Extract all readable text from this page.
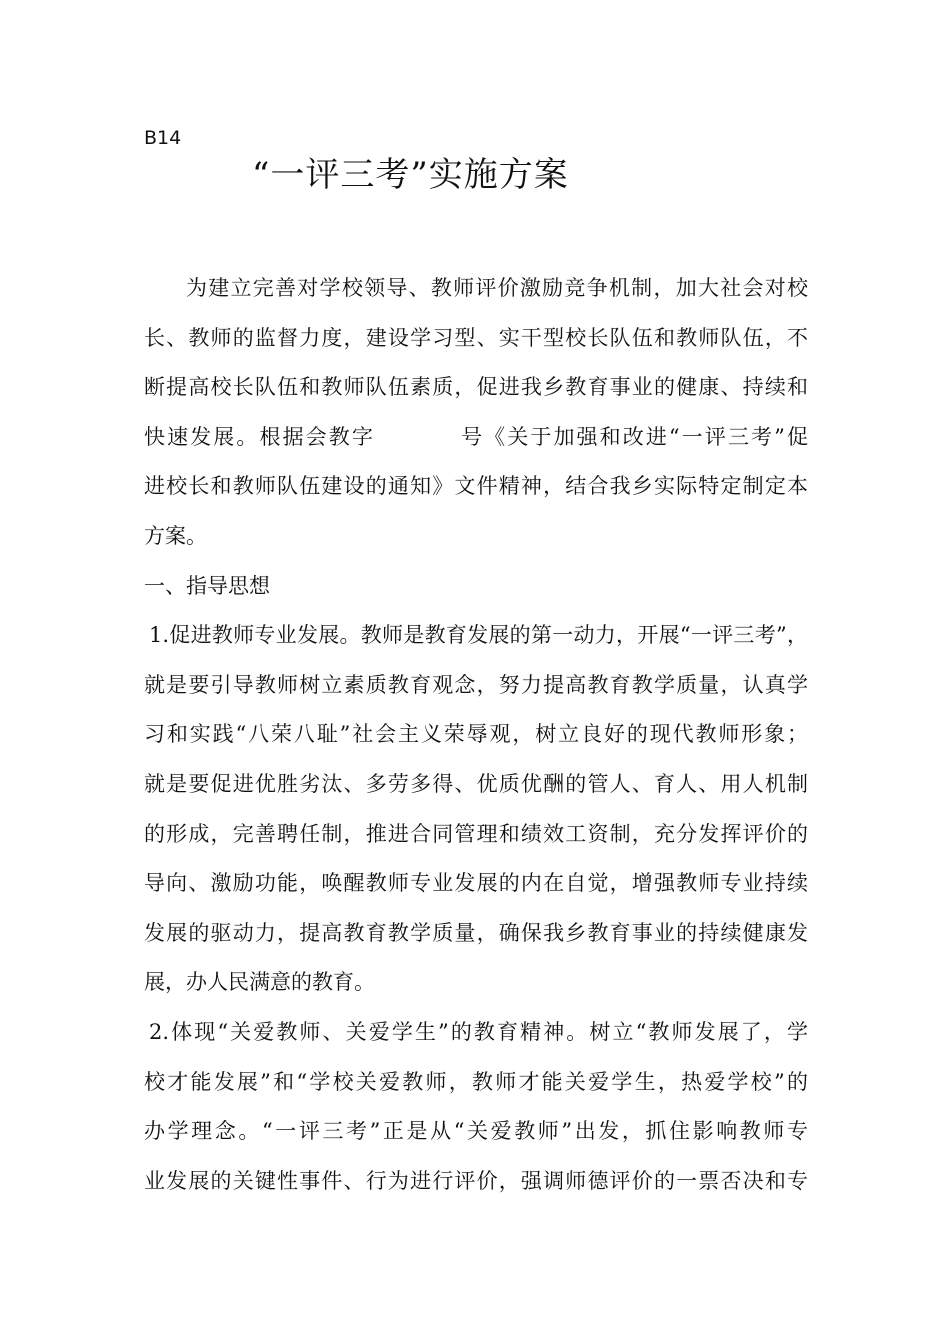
B14
“一评三考”实施方案
为建立完善对学校领导、教师评价激励竞争机制，加大社会对校
长、教师的监督力度，建设学习型、实干型校长队伍和教师队伍，不
断提高校长队伍和教师队伍素质，促进我乡教育事业的健康、持续和
快速发展。根据会教字	号《关于加强和改进“一评三考”促
进校长和教师队伍建设的通知》文件精神，结合我乡实际特定制定本
方案。
一、指导思想
1.促进教师专业发展。教师是教育发展的第一动力，开展“一评三考”，
就是要引导教师树立素质教育观念，努力提高教育教学质量，认真学
习和实践“八荣八耻”社会主义荣辱观，树立良好的现代教师形象；
就是要促进优胜劣汰、多劳多得、优质优酬的管人、育人、用人机制
的形成，完善聘任制，推进合同管理和绩效工资制，充分发挥评价的
导向、激励功能，唤醒教师专业发展的内在自觉，增强教师专业持续
发展的驱动力，提高教育教学质量，确保我乡教育事业的持续健康发
展，办人民满意的教育。
2.体现“关爱教师、关爱学生”的教育精神。树立“教师发展了，学
校才能发展”和“学校关爱教师，教师才能关爱学生，热爱学校”的
办学理念。“一评三考”正是从“关爱教师”出发，抓住影响教师专
业发展的关键性事件、行为进行评价，强调师德评价的一票否决和专
